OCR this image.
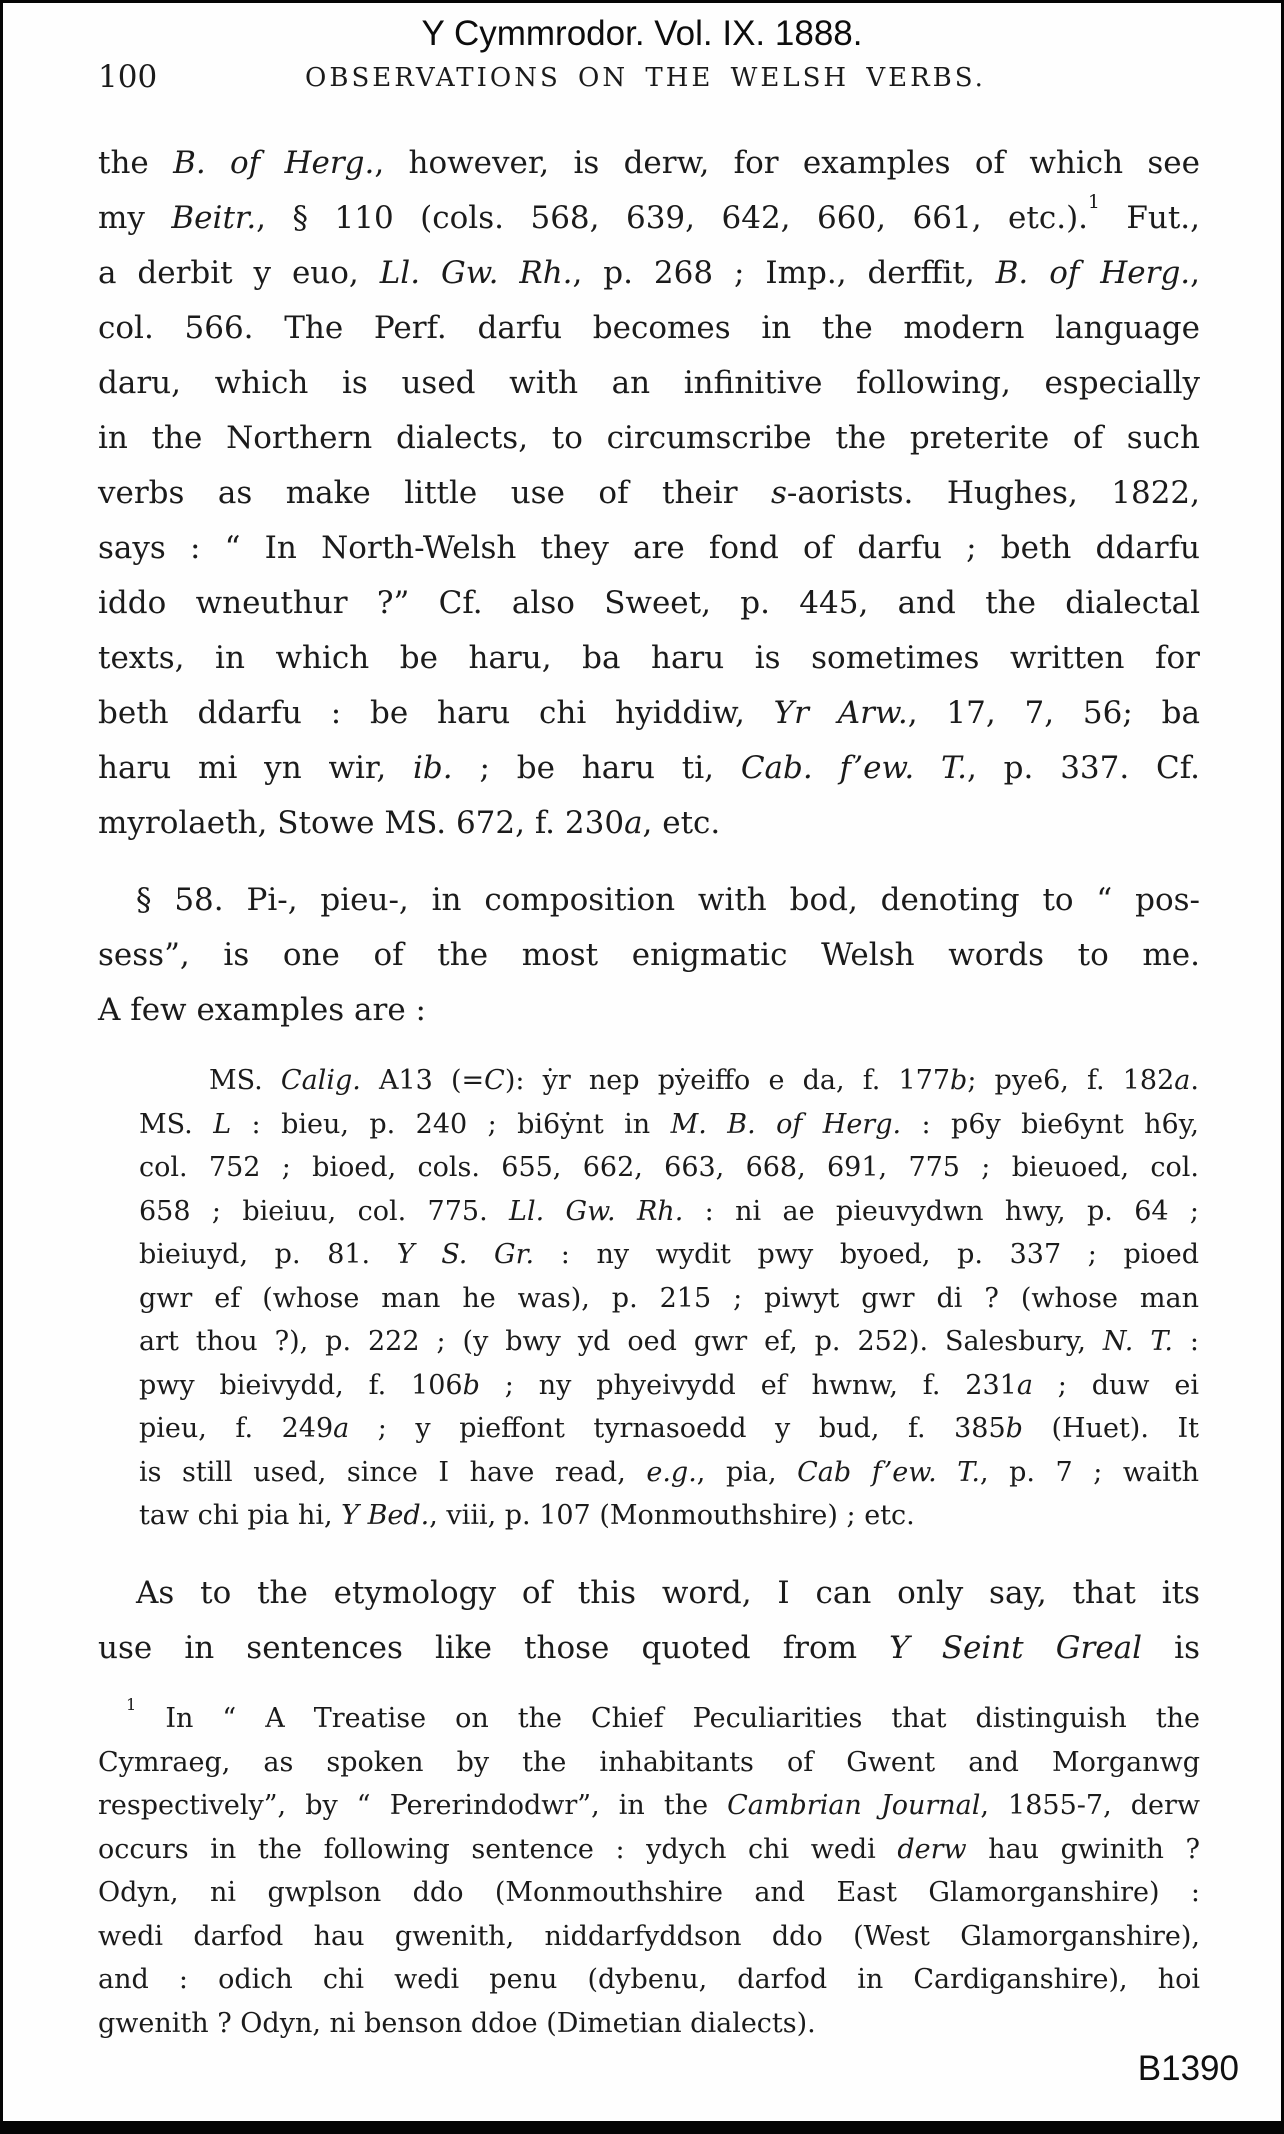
Y Cymmrodor. Vol. IX. 1888.
100	OBSERVATIONS ON THE WELSH VERBS.
the B. of Herg., however, is derw, for examples of which see
my Beitr., § 110 (cols. 568, 639, 642, 660, 661, etc.).$^1$ Fut.,
a derbit y euo, Ll. Gw. Rh., p. 268 ; Imp., derffit, B. of Herg.,
col. 566. The Perf. darfu becomes in the modern language
daru, which is used with an infinitive following, especially
in the Northern dialects, to circumscribe the preterite of such
verbs as make little use of their s-aorists. Hughes, 1822,
says : “ In North-Welsh they are fond of darfu ; beth ddarfu
iddo wneuthur ?” Cf. also Sweet, p. 445, and the dialectal
texts, in which be haru, ba haru is sometimes written for
beth ddarfu : be haru chi hyiddiw, Yr Arw., 17, 7, 56; ba
haru mi yn wir, ib. ; be haru ti, Cab. f’ew. T., p. 337. Cf.
myrolaeth, Stowe MS. 672, f. 230a, etc.
§ 58. Pi-, pieu-, in composition with bod, denoting to “ pos-
sess”, is one of the most enigmatic Welsh words to me.
A few examples are :
MS. Calig. A13 (=C): ẏr nep pẏeiffo e da, f. 177b; pye6, f. 182a.
MS. L : bieu, p. 240 ; bi6ẏnt in M. B. of Herg. : p6y bie6ynt h6y,
col. 752 ; bioed, cols. 655, 662, 663, 668, 691, 775 ; bieuoed, col.
658 ; bieiuu, col. 775. Ll. Gw. Rh. : ni ae pieuvydwn hwy, p. 64 ;
bieiuyd, p. 81. Y S. Gr. : ny wydit pwy byoed, p. 337 ; pioed
gwr ef (whose man he was), p. 215 ; piwyt gwr di ? (whose man
art thou ?), p. 222 ; (y bwy yd oed gwr ef, p. 252). Salesbury, N. T. :
pwy bieivydd, f. 106b ; ny phyeivydd ef hwnw, f. 231a ; duw ei
pieu, f. 249a ; y pieffont tyrnasoedd y bud, f. 385b (Huet). It
is still used, since I have read, e.g., pia, Cab f’ew. T., p. 7 ; waith
taw chi pia hi, Y Bed., viii, p. 107 (Monmouthshire) ; etc.
As to the etymology of this word, I can only say, that its
use in sentences like those quoted from Y Seint Greal is
$^1$ In “ A Treatise on the Chief Peculiarities that distinguish the
Cymraeg, as spoken by the inhabitants of Gwent and Morganwg
respectively”, by “ Pererindodwr”, in the Cambrian Journal, 1855-7, derw
occurs in the following sentence : ydych chi wedi derw hau gwinith ?
Odyn, ni gwplson ddo (Monmouthshire and East Glamorganshire) :
wedi darfod hau gwenith, niddarfyddson ddo (West Glamorganshire),
and : odich chi wedi penu (dybenu, darfod in Cardiganshire), hoi
gwenith ? Odyn, ni benson ddoe (Dimetian dialects).
B1390
